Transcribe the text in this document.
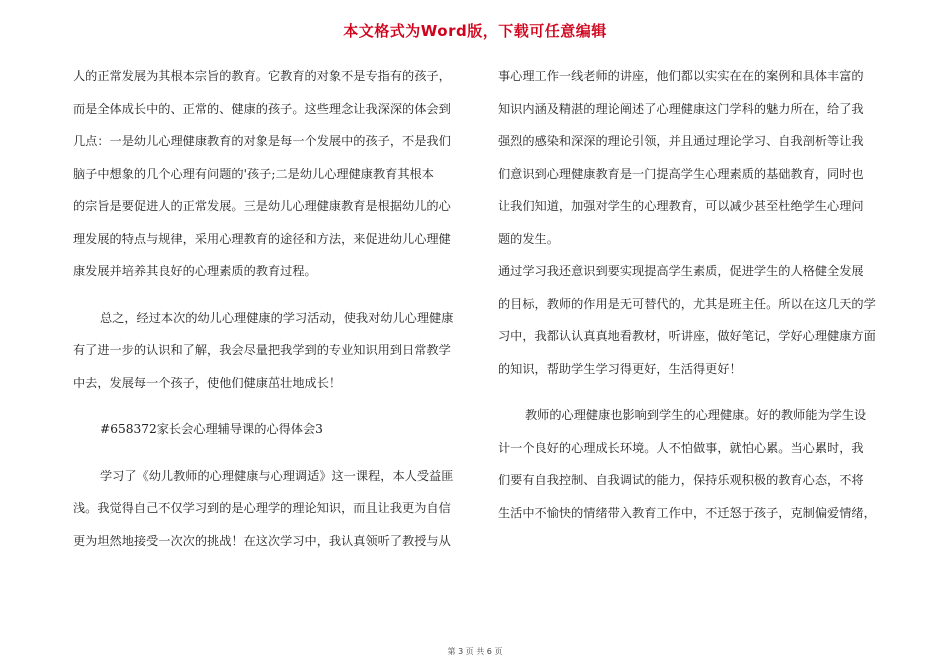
本文格式为Word版，下载可任意编辑
人的正常发展为其根本宗旨的教育。它教育的对象不是专指有的孩子，
而是全体成长中的、正常的、健康的孩子。这些理念让我深深的体会到
几点：一是幼儿心理健康教育的对象是每一个发展中的孩子，不是我们
脑子中想象的几个心理有问题的'孩子;二是幼儿心理健康教育其根本
的宗旨是要促进人的正常发展。三是幼儿心理健康教育是根据幼儿的心
理发展的特点与规律，采用心理教育的途径和方法，来促进幼儿心理健
康发展并培养其良好的心理素质的教育过程。
总之，经过本次的幼儿心理健康的学习活动，使我对幼儿心理健康
有了进一步的认识和了解，我会尽量把我学到的专业知识用到日常教学
中去，发展每一个孩子，使他们健康茁壮地成长！
#658372家长会心理辅导课的心得体会3
学习了《幼儿教师的心理健康与心理调适》这一课程，本人受益匪
浅。我觉得自己不仅学习到的是心理学的理论知识，而且让我更为自信
更为坦然地接受一次次的挑战！在这次学习中，我认真领听了教授与从
事心理工作一线老师的讲座，他们都以实实在在的案例和具体丰富的
知识内涵及精湛的理论阐述了心理健康这门学科的魅力所在，给了我
强烈的感染和深深的理论引领，并且通过理论学习、自我剖析等让我
们意识到心理健康教育是一门提高学生心理素质的基础教育，同时也
让我们知道，加强对学生的心理教育，可以减少甚至杜绝学生心理问
题的发生。
通过学习我还意识到要实现提高学生素质，促进学生的人格健全发展
的目标，教师的作用是无可替代的，尤其是班主任。所以在这几天的学
习中，我都认认真真地看教材，听讲座，做好笔记，学好心理健康方面
的知识，帮助学生学习得更好，生活得更好！
教师的心理健康也影响到学生的心理健康。好的教师能为学生设
计一个良好的心理成长环境。人不怕做事，就怕心累。当心累时，我
们要有自我控制、自我调试的能力，保持乐观积极的教育心态，不将
生活中不愉快的情绪带入教育工作中，不迁怒于孩子，克制偏爱情绪，
第 3 页 共 6 页
